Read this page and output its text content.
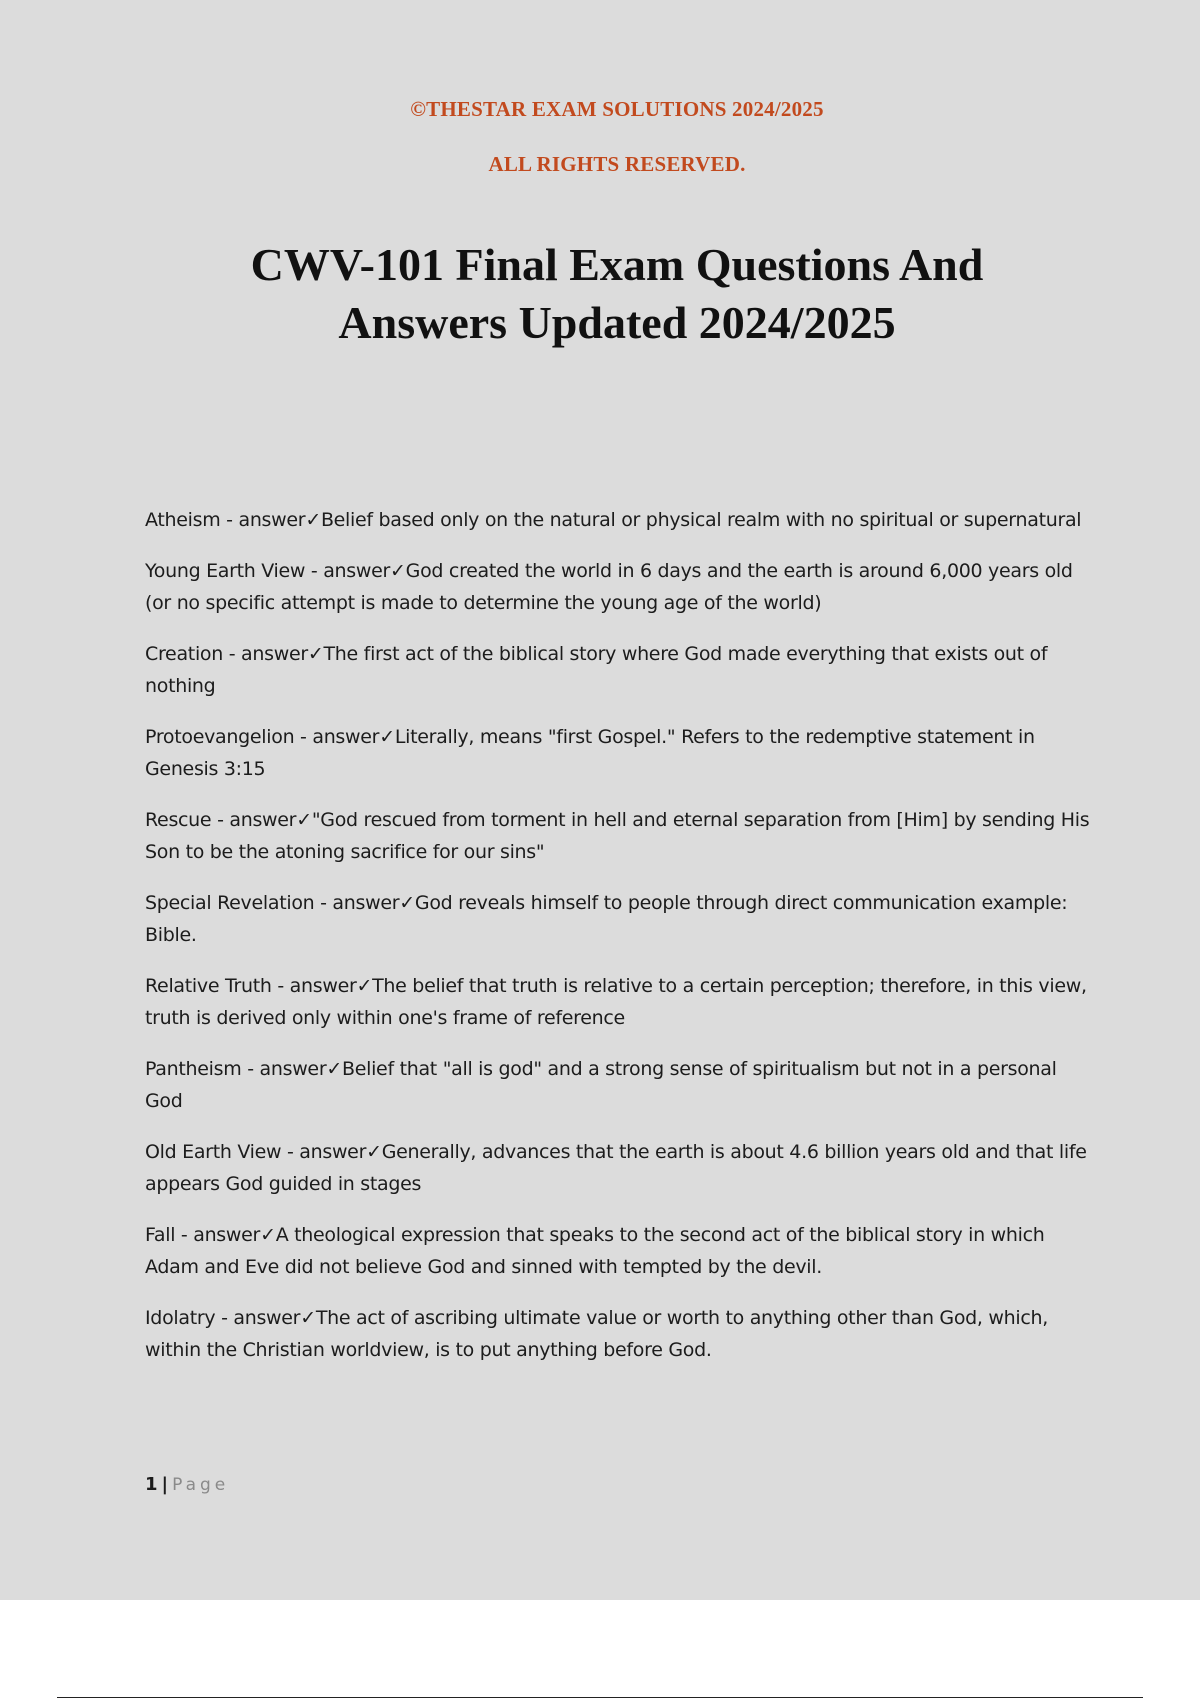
©THESTAR EXAM SOLUTIONS 2024/2025
ALL RIGHTS RESERVED.
CWV-101 Final Exam Questions And
Answers Updated 2024/2025
Atheism - answer✓Belief based only on the natural or physical realm with no spiritual or supernatural
Young Earth View - answer✓God created the world in 6 days and the earth is around 6,000 years old (or no specific attempt is made to determine the young age of the world)
Creation - answer✓The first act of the biblical story where God made everything that exists out of nothing
Protoevangelion - answer✓Literally, means "first Gospel." Refers to the redemptive statement in Genesis 3:15
Rescue - answer✓"God rescued from torment in hell and eternal separation from [Him] by sending His Son to be the atoning sacrifice for our sins"
Special Revelation - answer✓God reveals himself to people through direct communication example: Bible.
Relative Truth - answer✓The belief that truth is relative to a certain perception; therefore, in this view, truth is derived only within one's frame of reference
Pantheism - answer✓Belief that "all is god" and a strong sense of spiritualism but not in a personal God
Old Earth View - answer✓Generally, advances that the earth is about 4.6 billion years old and that life appears God guided in stages
Fall - answer✓A theological expression that speaks to the second act of the biblical story in which Adam and Eve did not believe God and sinned with tempted by the devil.
Idolatry - answer✓The act of ascribing ultimate value or worth to anything other than God, which, within the Christian worldview, is to put anything before God.
1 | Page
